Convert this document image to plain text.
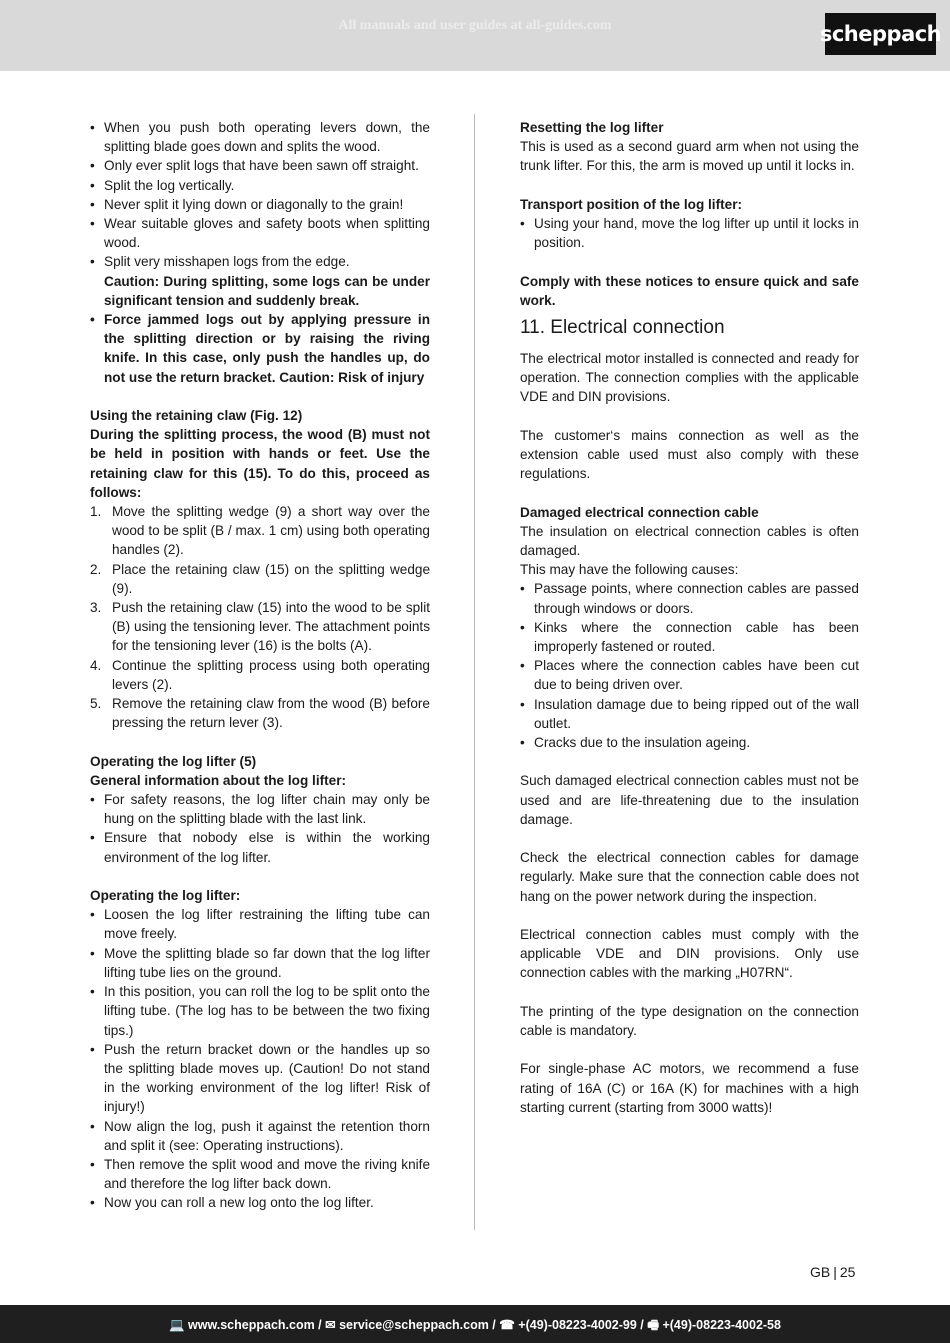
All manuals and user guides at all-guides.com	scheppach
• When you push both operating levers down, the splitting blade goes down and splits the wood.
• Only ever split logs that have been sawn off straight.
• Split the log vertically.
• Never split it lying down or diagonally to the grain!
• Wear suitable gloves and safety boots when splitting wood.
• Split very misshapen logs from the edge.
Caution: During splitting, some logs can be under significant tension and suddenly break.
• Force jammed logs out by applying pressure in the splitting direction or by raising the riving knife. In this case, only push the handles up, do not use the return bracket. Caution: Risk of injury
Using the retaining claw (Fig. 12)
During the splitting process, the wood (B) must not be held in position with hands or feet. Use the retaining claw for this (15). To do this, proceed as follows:
1. Move the splitting wedge (9) a short way over the wood to be split (B / max. 1 cm) using both operating handles (2).
2. Place the retaining claw (15) on the splitting wedge (9).
3. Push the retaining claw (15) into the wood to be split (B) using the tensioning lever. The attachment points for the tensioning lever (16) is the bolts (A).
4. Continue the splitting process using both operating levers (2).
5. Remove the retaining claw from the wood (B) before pressing the return lever (3).
Operating the log lifter (5)
General information about the log lifter:
• For safety reasons, the log lifter chain may only be hung on the splitting blade with the last link.
• Ensure that nobody else is within the working environment of the log lifter.
Operating the log lifter:
• Loosen the log lifter restraining the lifting tube can move freely.
• Move the splitting blade so far down that the log lifter lifting tube lies on the ground.
• In this position, you can roll the log to be split onto the lifting tube. (The log has to be between the two fixing tips.)
• Push the return bracket down or the handles up so the splitting blade moves up. (Caution! Do not stand in the working environment of the log lifter! Risk of injury!)
• Now align the log, push it against the retention thorn and split it (see: Operating instructions).
• Then remove the split wood and move the riving knife and therefore the log lifter back down.
• Now you can roll a new log onto the log lifter.
Resetting the log lifter
This is used as a second guard arm when not using the trunk lifter. For this, the arm is moved up until it locks in.
Transport position of the log lifter:
• Using your hand, move the log lifter up until it locks in position.
Comply with these notices to ensure quick and safe work.
11. Electrical connection
The electrical motor installed is connected and ready for operation. The connection complies with the applicable VDE and DIN provisions.
The customer‘s mains connection as well as the extension cable used must also comply with these regulations.
Damaged electrical connection cable
The insulation on electrical connection cables is often damaged.
This may have the following causes:
• Passage points, where connection cables are passed through windows or doors.
• Kinks where the connection cable has been improperly fastened or routed.
• Places where the connection cables have been cut due to being driven over.
• Insulation damage due to being ripped out of the wall outlet.
• Cracks due to the insulation ageing.
Such damaged electrical connection cables must not be used and are life-threatening due to the insulation damage.
Check the electrical connection cables for damage regularly. Make sure that the connection cable does not hang on the power network during the inspection.
Electrical connection cables must comply with the applicable VDE and DIN provisions. Only use connection cables with the marking „H07RN“.
The printing of the type designation on the connection cable is mandatory.
For single-phase AC motors, we recommend a fuse rating of 16A (C) or 16A (K) for machines with a high starting current (starting from 3000 watts)!
GB | 25
💻 www.scheppach.com / ✉ service@scheppach.com / ☎ +(49)-08223-4002-99 / 🖷 +(49)-08223-4002-58
